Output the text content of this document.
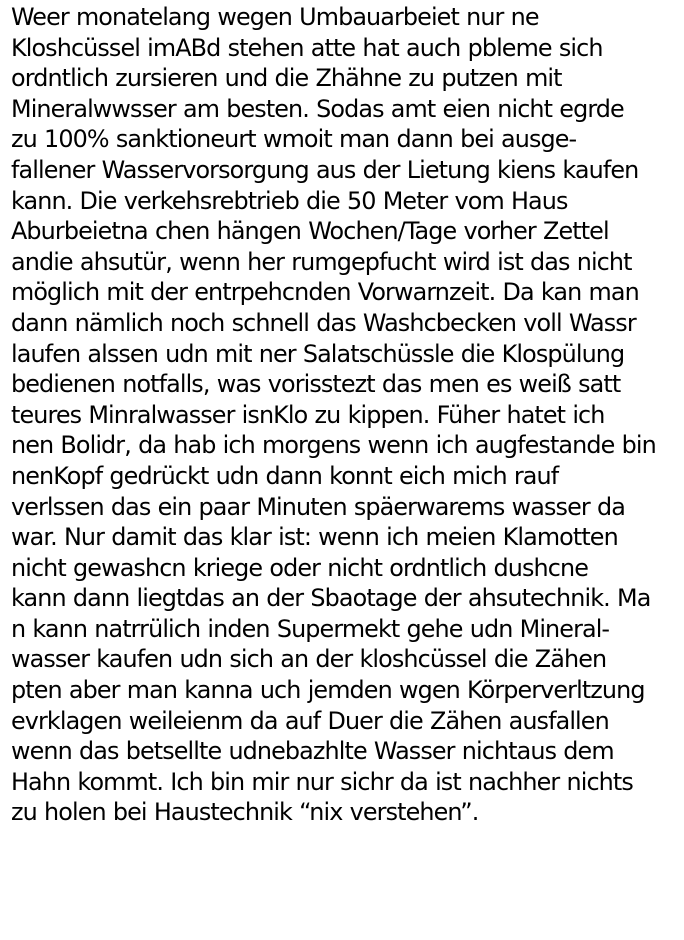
Weer monatelang wegen Umbauarbeiet nur ne
Kloshcüssel imABd stehen atte hat auch pbleme sich
ordntlich zursieren und die Zhähne zu putzen mit
Mineralwwsser am besten. Sodas amt eien nicht egrde
zu 100% sanktioneurt wmoit man dann bei ausge-
fallener Wasservorsorgung aus der Lietung kiens kaufen
kann. Die verkehsrebtrieb die 50 Meter vom Haus
Aburbeietna chen hängen Wochen/Tage vorher Zettel
andie ahsutür, wenn her rumgepfucht wird ist das nicht
möglich mit der entrpehcnden Vorwarnzeit. Da kan man
dann nämlich noch schnell das Washcbecken voll Wassr
laufen alssen udn mit ner Salatschüssle die Klospülung
bedienen notfalls, was vorisstezt das men es weiß satt
teures Minralwasser isnKlo zu kippen. Füher hatet ich
nen Bolidr, da hab ich morgens wenn ich augfestande bin
nenKopf gedrückt udn dann konnt eich mich rauf
verlssen das ein paar Minuten späerwarems wasser da
war. Nur damit das klar ist: wenn ich meien Klamotten
nicht gewashcn kriege oder nicht ordntlich dushcne
kann dann liegtdas an der Sbaotage der ahsutechnik. Ma
n kann natrrülich inden Supermekt gehe udn Mineral-
wasser kaufen udn sich an der kloshcüssel die Zähen
pten aber man kanna uch jemden wgen Körperverltzung
evrklagen weileienm da auf Duer die Zähen ausfallen
wenn das betsellte udnebazhlte Wasser nichtaus dem
Hahn kommt. Ich bin mir nur sichr da ist nachher nichts
zu holen bei Haustechnik “nix verstehen”.
